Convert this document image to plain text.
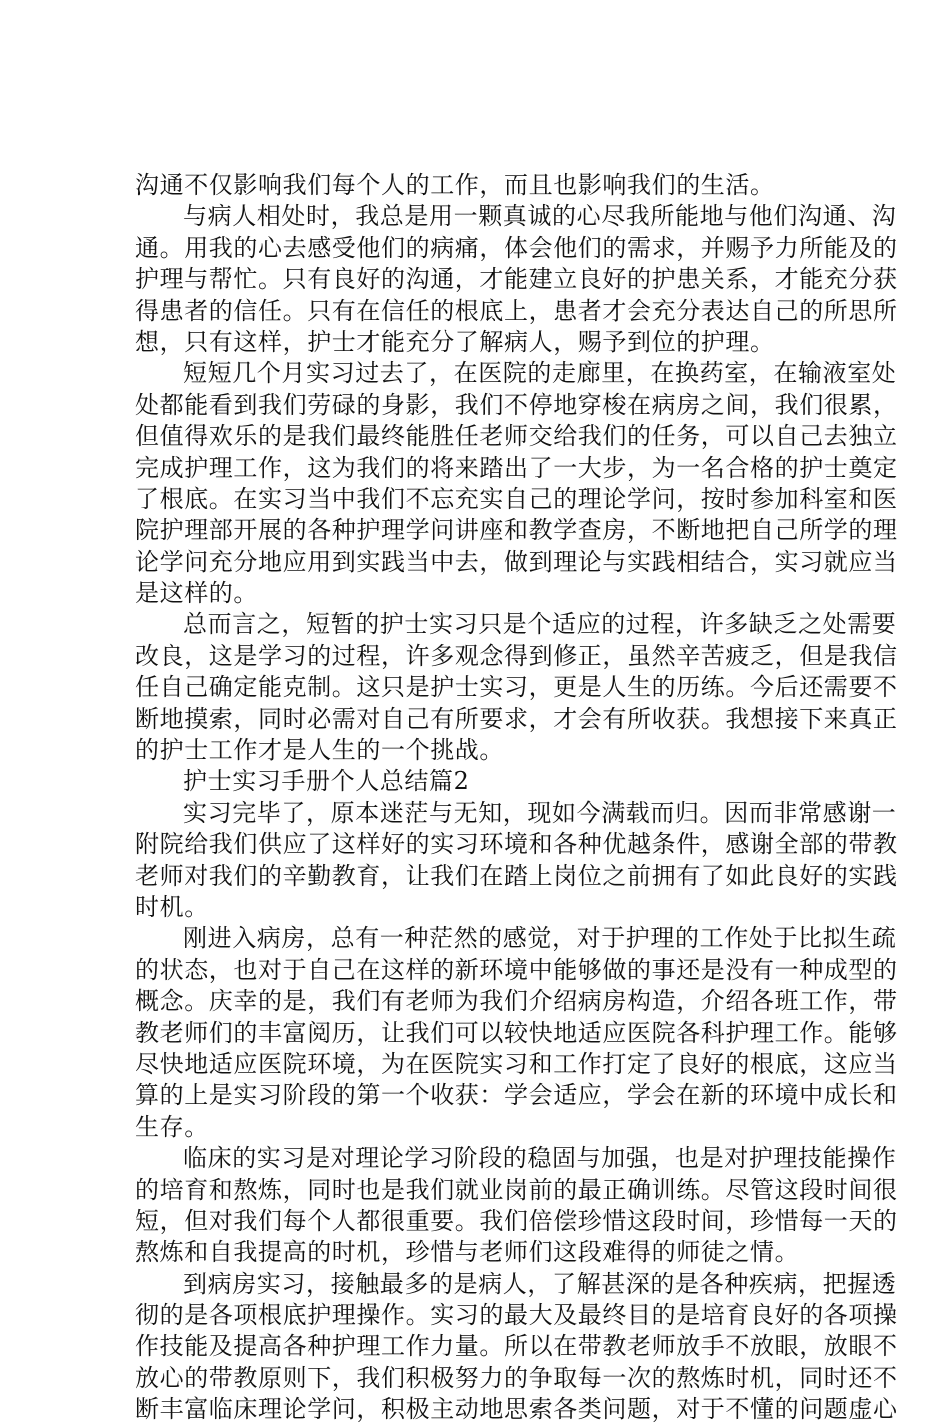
沟通不仅影响我们每个人的工作，而且也影响我们的生活。
与病人相处时，我总是用一颗真诚的心尽我所能地与他们沟通、沟
通。用我的心去感受他们的病痛，体会他们的需求，并赐予力所能及的
护理与帮忙。只有良好的沟通，才能建立良好的护患关系，才能充分获
得患者的信任。只有在信任的根底上，患者才会充分表达自己的所思所
想，只有这样，护士才能充分了解病人，赐予到位的护理。
短短几个月实习过去了，在医院的走廊里，在换药室，在输液室处
处都能看到我们劳碌的身影，我们不停地穿梭在病房之间，我们很累，
但值得欢乐的是我们最终能胜任老师交给我们的任务，可以自己去独立
完成护理工作，这为我们的将来踏出了一大步，为一名合格的护士奠定
了根底。在实习当中我们不忘充实自己的理论学问，按时参加科室和医
院护理部开展的各种护理学问讲座和教学查房，不断地把自己所学的理
论学问充分地应用到实践当中去，做到理论与实践相结合，实习就应当
是这样的。
总而言之，短暂的护士实习只是个适应的过程，许多缺乏之处需要
改良，这是学习的过程，许多观念得到修正，虽然辛苦疲乏，但是我信
任自己确定能克制。这只是护士实习，更是人生的历练。今后还需要不
断地摸索，同时必需对自己有所要求，才会有所收获。我想接下来真正
的护士工作才是人生的一个挑战。
护士实习手册个人总结篇2
实习完毕了，原本迷茫与无知，现如今满载而归。因而非常感谢一
附院给我们供应了这样好的实习环境和各种优越条件，感谢全部的带教
老师对我们的辛勤教育，让我们在踏上岗位之前拥有了如此良好的实践
时机。
刚进入病房，总有一种茫然的感觉，对于护理的工作处于比拟生疏
的状态，也对于自己在这样的新环境中能够做的事还是没有一种成型的
概念。庆幸的是，我们有老师为我们介绍病房构造，介绍各班工作，带
教老师们的丰富阅历，让我们可以较快地适应医院各科护理工作。能够
尽快地适应医院环境，为在医院实习和工作打定了良好的根底，这应当
算的上是实习阶段的第一个收获：学会适应，学会在新的环境中成长和
生存。
临床的实习是对理论学习阶段的稳固与加强，也是对护理技能操作
的培育和熬炼，同时也是我们就业岗前的最正确训练。尽管这段时间很
短，但对我们每个人都很重要。我们倍偿珍惜这段时间，珍惜每一天的
熬炼和自我提高的时机，珍惜与老师们这段难得的师徒之情。
到病房实习，接触最多的是病人，了解甚深的是各种疾病，把握透
彻的是各项根底护理操作。实习的最大及最终目的是培育良好的各项操
作技能及提高各种护理工作力量。所以在带教老师放手不放眼，放眼不
放心的带教原则下，我们积极努力的争取每一次的熬炼时机，同时还不
断丰富临床理论学问，积极主动地思索各类问题，对于不懂的问题虚心
